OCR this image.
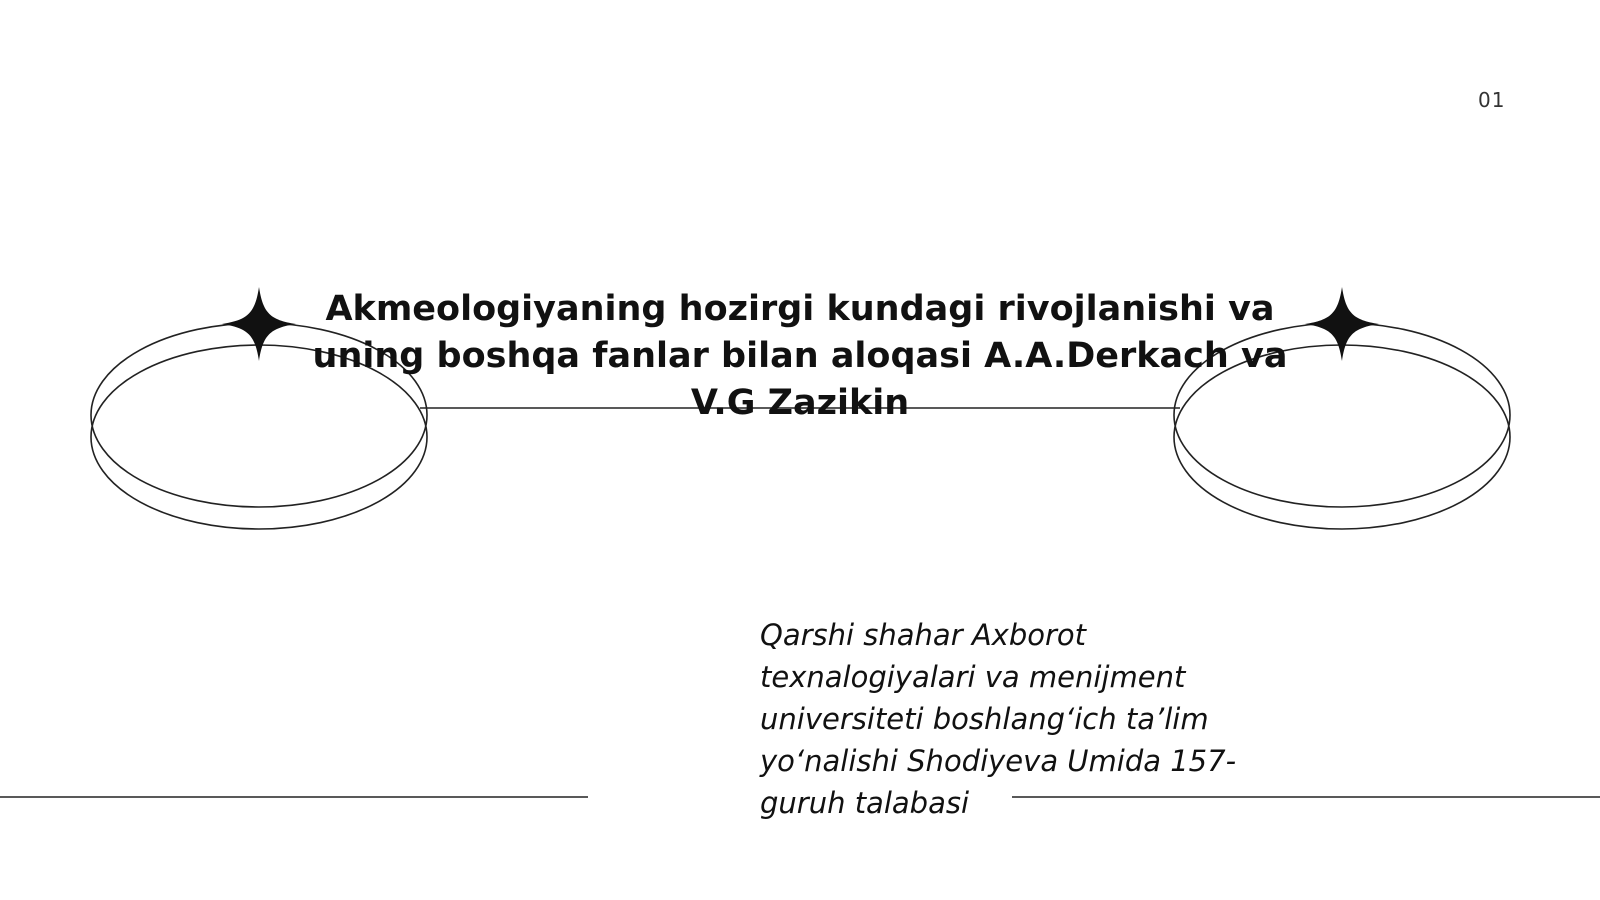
01
Akmeologiyaning hozirgi kundagi rivojlanishi va uning boshqa fanlar bilan aloqasi A.A.Derkach va V.G Zazikin

Qarshi shahar Axborot texnalogiyalari va menijment universiteti boshlang‘ich ta’lim yo‘nalishi Shodiyeva Umida 157-guruh talabasi
